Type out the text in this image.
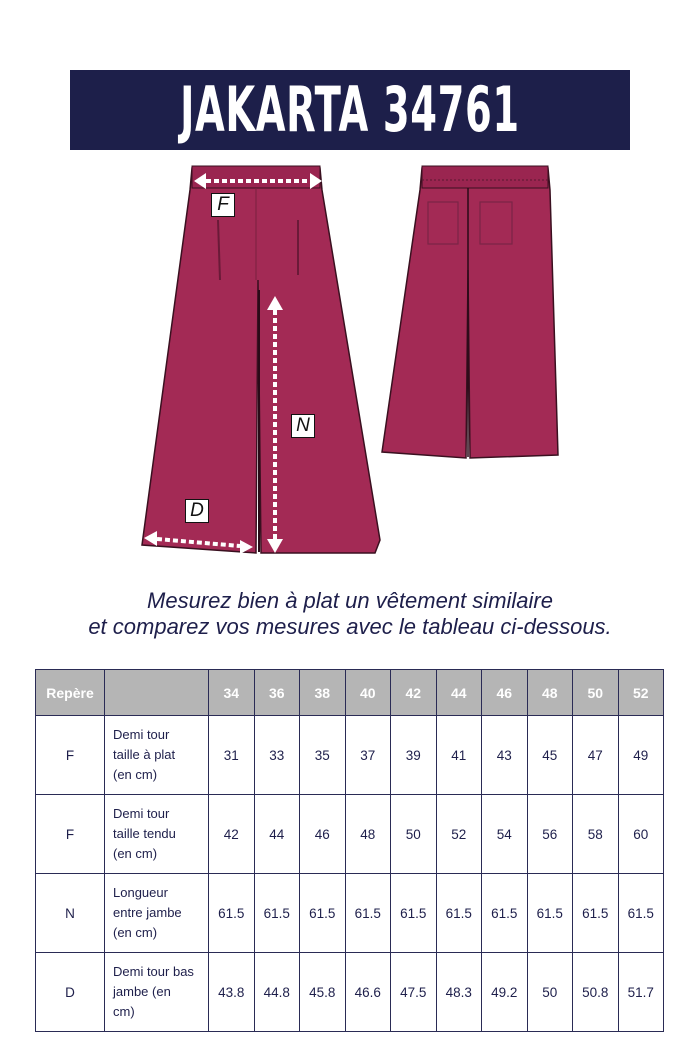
JAKARTA 34761
F
N
D
Mesurez bien à plat un vêtement similaire
et comparez vos mesures avec le tableau ci-dessous.
Repère		34	36	38	40	42	44	46	48	50	52
F	Demi tour
taille à plat
(en cm)	31	33	35	37	39	41	43	45	47	49
F	Demi tour
taille tendu
(en cm)	42	44	46	48	50	52	54	56	58	60
N	Longueur
entre jambe
(en cm)	61.5	61.5	61.5	61.5	61.5	61.5	61.5	61.5	61.5	61.5
D	Demi tour bas
jambe (en
cm)	43.8	44.8	45.8	46.6	47.5	48.3	49.2	50	50.8	51.7
